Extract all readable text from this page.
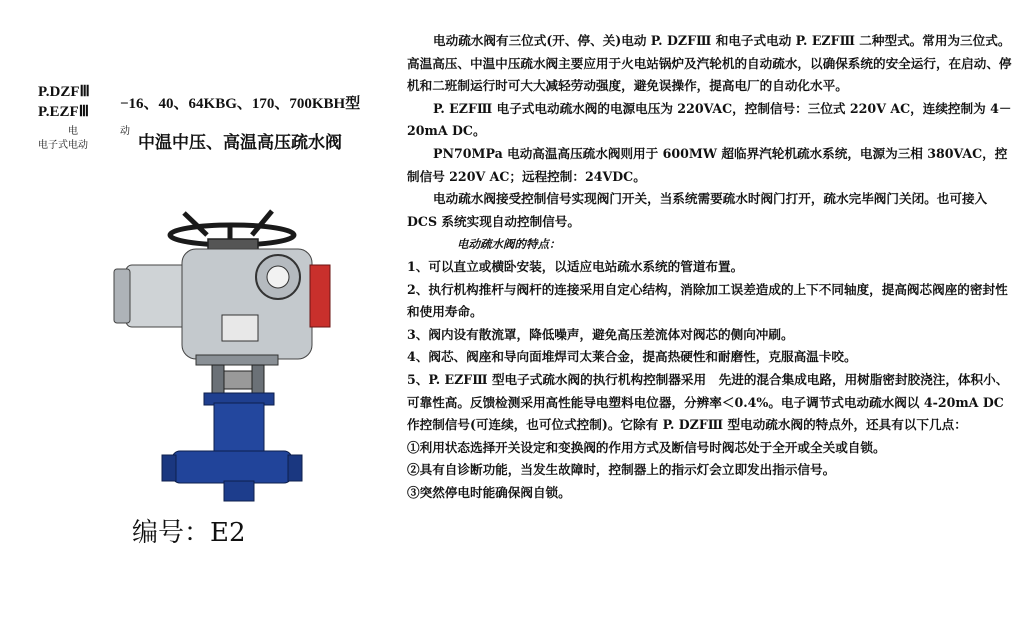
P.DZFⅢ
P.EZFⅢ −16、40、64KBG、170、700KBH型
电	动
电子式电动	中温中压、高温高压疏水阀
编号：E2

电动疏水阀有三位式(开、停、关)电动 P. DZFⅢ 和电子式电动 P. EZFⅢ 二种型式。常用为三位式。高温高压、中温中压疏水阀主要应用于火电站锅炉及汽轮机的自动疏水，以确保系统的安全运行，在启动、停机和二班制运行时可大大减轻劳动强度，避免误操作，提高电厂的自动化水平。

P. EZFⅢ 电子式电动疏水阀的电源电压为 220VAC，控制信号：三位式 220V AC，连续控制为 4－20mA DC。

PN70MPa 电动高温高压疏水阀则用于 600MW 超临界汽轮机疏水系统，电源为三相 380VAC，控制信号 220V AC；远程控制：24VDC。

电动疏水阀接受控制信号实现阀门开关，当系统需要疏水时阀门打开，疏水完毕阀门关闭。也可接入 DCS 系统实现自动控制信号。

电动疏水阀的特点：

1、可以直立或横卧安装，以适应电站疏水系统的管道布置。

2、执行机构推杆与阀杆的连接采用自定心结构，消除加工误差造成的上下不同轴度，提高阀芯阀座的密封性和使用寿命。

3、阀内设有散流罩，降低噪声，避免高压差流体对阀芯的侧向冲刷。

4、阀芯、阀座和导向面堆焊司太莱合金，提高热硬性和耐磨性，克服高温卡咬。

5、P. EZFⅢ 型电子式疏水阀的执行机构控制器采用　先进的混合集成电路，用树脂密封胶浇注，体积小、可靠性高。反馈检测采用高性能导电塑料电位器，分辨率＜0.4%。电子调节式电动疏水阀以 4-20mA DC 作控制信号(可连续，也可位式控制)。它除有 P. DZFⅢ 型电动疏水阀的特点外，还具有以下几点：

①利用状态选择开关设定和变换阀的作用方式及断信号时阀芯处于全开或全关或自锁。

②具有自诊断功能，当发生故障时，控制器上的指示灯会立即发出指示信号。

③突然停电时能确保阀自锁。
